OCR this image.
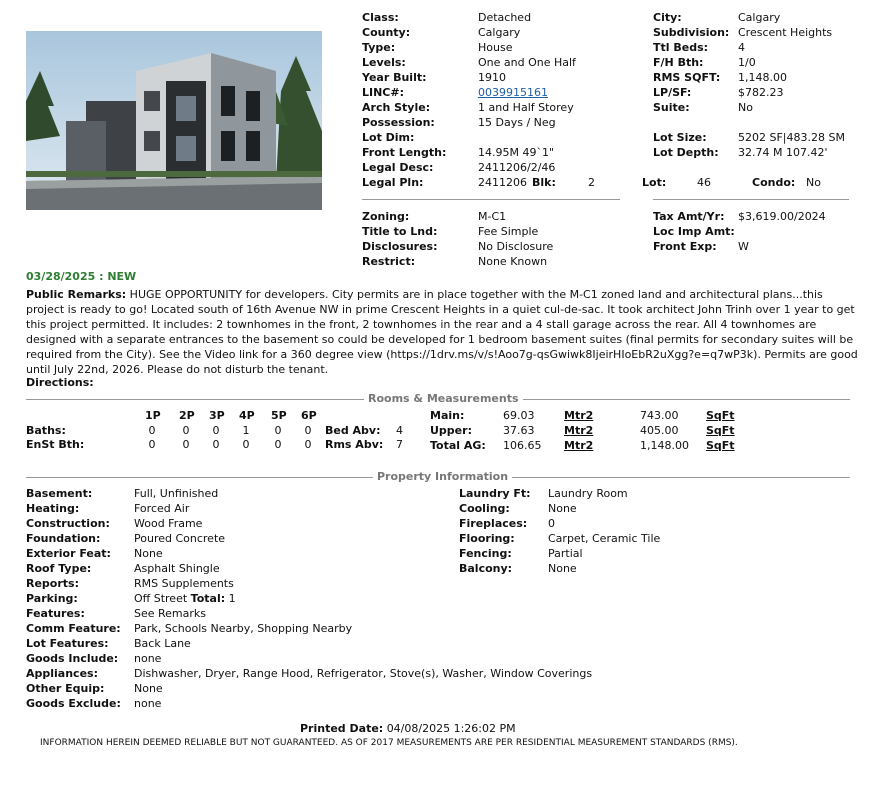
Class:	Detached
County:	Calgary
Type:	House
Levels:	One and One Half
Year Built:	1910
LINC#:	0039915161
Arch Style:	1 and Half Storey
Possession:	15 Days / Neg
Lot Dim:
Front Length:	14.95M 49`1"
Legal Desc:	2411206/2/46
Legal Pln:	2411206 Blk:	2	Lot:	46	Condo: No
City:	Calgary
Subdivision: Crescent Heights
Ttl Beds:	4
F/H Bth:	1/0
RMS SQFT: 1,148.00
LP/SF:	$782.23
Suite:	No
Lot Size:	5202 SF|483.28 SM
Lot Depth: 32.74 M 107.42'
Zoning:	M-C1
Title to Lnd:	Fee Simple
Disclosures:	No Disclosure
Restrict:	None Known
Tax Amt/Yr: $3,619.00/2024
Loc Imp Amt:
Front Exp: W
03/28/2025 : NEW
Public Remarks: HUGE OPPORTUNITY for developers. City permits are in place together with the M-C1 zoned land and architectural plans...this project is ready to go! Located south of 16th Avenue NW in prime Crescent Heights in a quiet cul-de-sac. It took architect John Trinh over 1 year to get this project permitted. It includes: 2 townhomes in the front, 2 townhomes in the rear and a 4 stall garage across the rear. All 4 townhomes are designed with a separate entrances to the basement so could be developed for 1 bedroom basement suites (final permits for secondary suites will be required from the City). See the Video link for a 360 degree view (https://1drv.ms/v/s!Aoo7g-qsGwiwk8IjeirHIoEbR2uXgg?e=q7wP3k). Permits are good until July 22nd, 2026. Please do not disturb the tenant.
Directions:
Rooms & Measurements
1P 2P 3P 4P 5P 6P
Baths:	0	0	0	1	0	0
EnSt Bth:	0	0	0	0	0	0
Bed Abv: 4
Rms Abv: 7
Main:	69.03	Mtr2	743.00	SqFt
Upper:	37.63	Mtr2	405.00	SqFt
Total AG: 106.65 Mtr2	1,148.00 SqFt
Property Information
Basement:	Full, Unfinished
Heating:	Forced Air
Construction: Wood Frame
Foundation:	Poured Concrete
Exterior Feat: None
Roof Type:	Asphalt Shingle
Reports:	RMS Supplements
Parking:	Off Street Total: 1
Features:	See Remarks
Comm Feature: Park, Schools Nearby, Shopping Nearby
Lot Features: Back Lane
Goods Include: none
Appliances:	Dishwasher, Dryer, Range Hood, Refrigerator, Stove(s), Washer, Window Coverings
Other Equip:	None
Goods Exclude: none
Laundry Ft: Laundry Room
Cooling:	None
Fireplaces: 0
Flooring:	Carpet, Ceramic Tile
Fencing:	Partial
Balcony:	None
Printed Date: 04/08/2025 1:26:02 PM
INFORMATION HEREIN DEEMED RELIABLE BUT NOT GUARANTEED. AS OF 2017 MEASUREMENTS ARE PER RESIDENTIAL MEASUREMENT STANDARDS (RMS).
